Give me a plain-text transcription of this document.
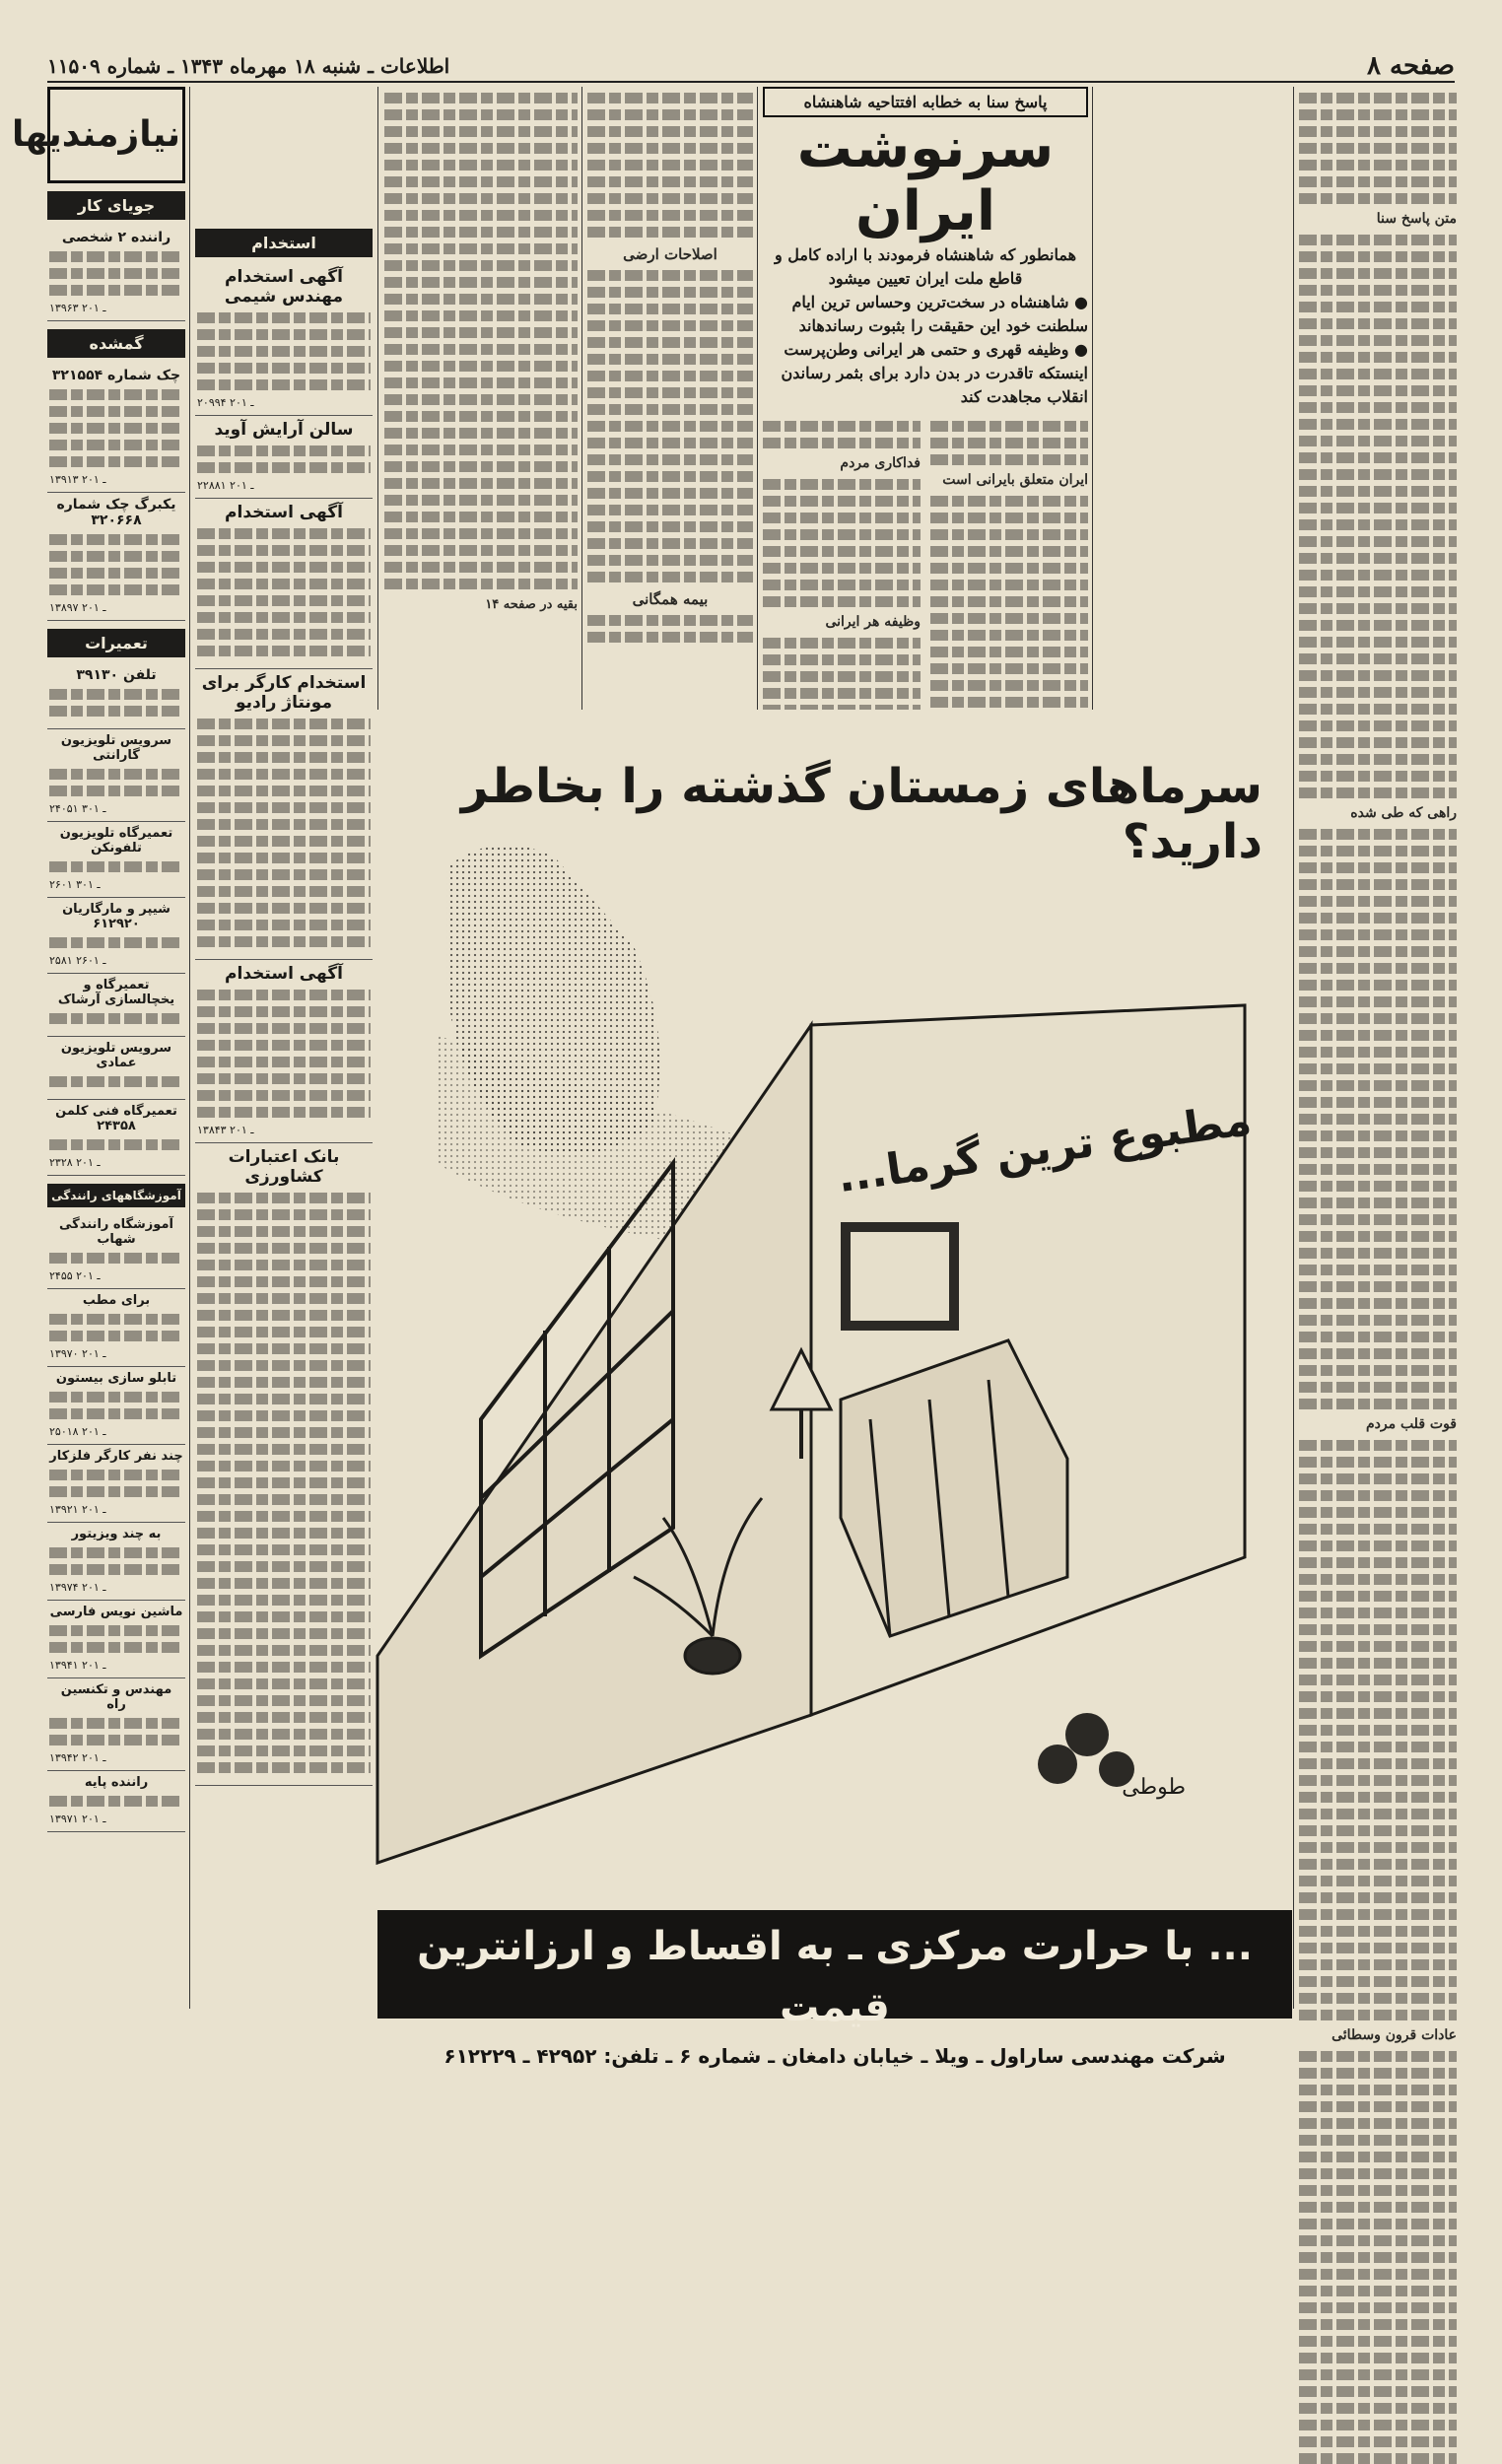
صفحه ۸
اطلاعات ـ شنبه ۱۸ مهرماه ۱۳۴۳ ـ شماره ۱۱۵۰۹
متن پاسخ سنا
راهی که طی شده
قوت قلب مردم
عادات قرون وسطائی
پاسخ سنا به خطابه افتتاحیه شاهنشاه
سرنوشت ایران
همانطور که شاهنشاه فرمودند با اراده کامل و قاطع ملت ایران تعیین میشود
● شاهنشاه در سخت‌ترین وحساس ترین ایام سلطنت خود این حقیقت را بثبوت رساندهاند
● وظیفه قهری و حتمی هر ایرانی وطن‌پرست اینستکه تاقدرت در بدن دارد برای بثمر رساندن انقلاب مجاهدت کند
ایران متعلق بایرانی است
فداکاری مردم
وظیفه هر ایرانی
اصلاحات ارضی
بیمه همگانی
بقیه در صفحه ۱۴
استخدام
آگهی استخدام مهندس شیمی
۲۰۹۹۴ ـ ۲۰۱
سالن آرایش آوید
۲۲۸۸۱ ـ ۲۰۱
آگهی استخدام
استخدام کارگر برای مونتاژ رادیو
آگهی استخدام
۱۳۸۴۳ ـ ۲۰۱
بانک اعتبارات کشاورزی
نیازمندیها
جویای کار
راننده ۲ شخصی
۱۳۹۶۳ ـ ۲۰۱
گمشده
چک شماره ۳۲۱۵۵۴
۱۳۹۱۳ ـ ۲۰۱
یکبرگ چک شماره ۳۲۰۶۶۸
۱۳۸۹۷ ـ ۲۰۱
تعمیرات
تلفن ۳۹۱۳۰
سرویس تلویزیون گارانتی
۲۴۰۵۱ ـ ۳۰۱
تعمیرگاه تلویزیون تلفونکن
۲۶۰۱ ـ ۳۰۱
شیپر و مارگاریان ۶۱۲۹۲۰
۲۵۸۱ ـ ۲۶۰۱
تعمیرگاه و یخچالسازی آرشاک
سرویس تلویزیون عمادی
تعمیرگاه فنی کلمن ۲۴۳۵۸
۲۳۲۸ ـ ۲۰۱
آموزشگاههای رانندگی
آموزشگاه رانندگی شهاب
۲۴۵۵ ـ ۲۰۱
برای مطب
۱۳۹۷۰ ـ ۲۰۱
تابلو سازی بیستون
۲۵۰۱۸ ـ ۲۰۱
چند نفر کارگر فلزکار
۱۳۹۲۱ ـ ۲۰۱
به چند ویزیتور
۱۳۹۷۴ ـ ۲۰۱
ماشین نویس فارسی
۱۳۹۴۱ ـ ۲۰۱
مهندس و تکنسین راه
۱۳۹۴۲ ـ ۲۰۱
راننده پایه
۱۳۹۷۱ ـ ۲۰۱
سرماهای زمستان گذشته را بخاطر دارید؟
طوطی
مطبوع ترین گرما...
... با حرارت مرکزی ـ به اقساط و ارزانترین قیمت
شرکت مهندسی ساراول ـ ویلا ـ خیابان دامغان ـ شماره ۶ ـ تلفن: ۴۲۹۵۲ ـ ۶۱۲۲۲۹
